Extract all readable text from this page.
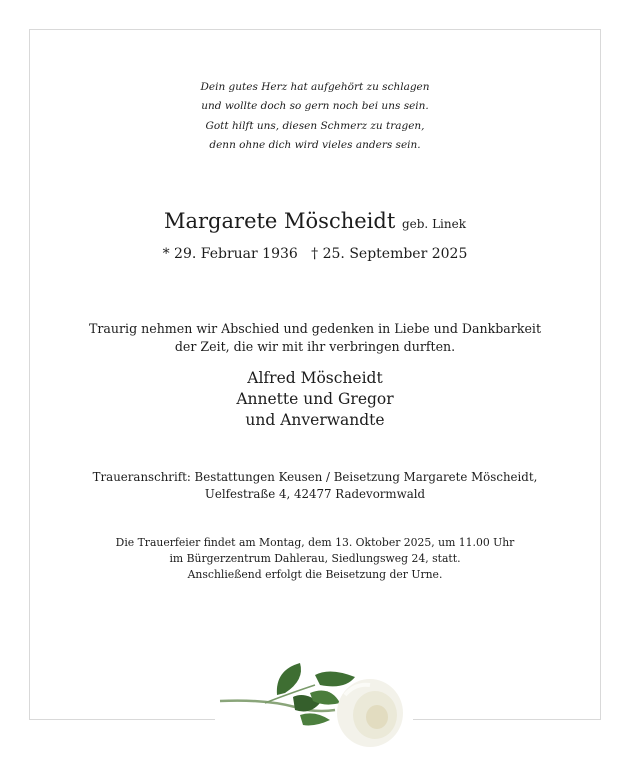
Dein gutes Herz hat aufgehört zu schlagen
und wollte doch so gern noch bei uns sein.
Gott hilft uns, diesen Schmerz zu tragen,
denn ohne dich wird vieles anders sein.
Margarete Möscheidt geb. Linek
* 29. Februar 1936 † 25. September 2025
Traurig nehmen wir Abschied und gedenken in Liebe und Dankbarkeit
der Zeit, die wir mit ihr verbringen durften.
Alfred Möscheidt
Annette und Gregor
und Anverwandte
Traueranschrift: Bestattungen Keusen / Beisetzung Margarete Möscheidt,
Uelfestraße 4, 42477 Radevormwald
Die Trauerfeier findet am Montag, dem 13. Oktober 2025, um 11.00 Uhr
im Bürgerzentrum Dahlerau, Siedlungsweg 24, statt.
Anschließend erfolgt die Beisetzung der Urne.
